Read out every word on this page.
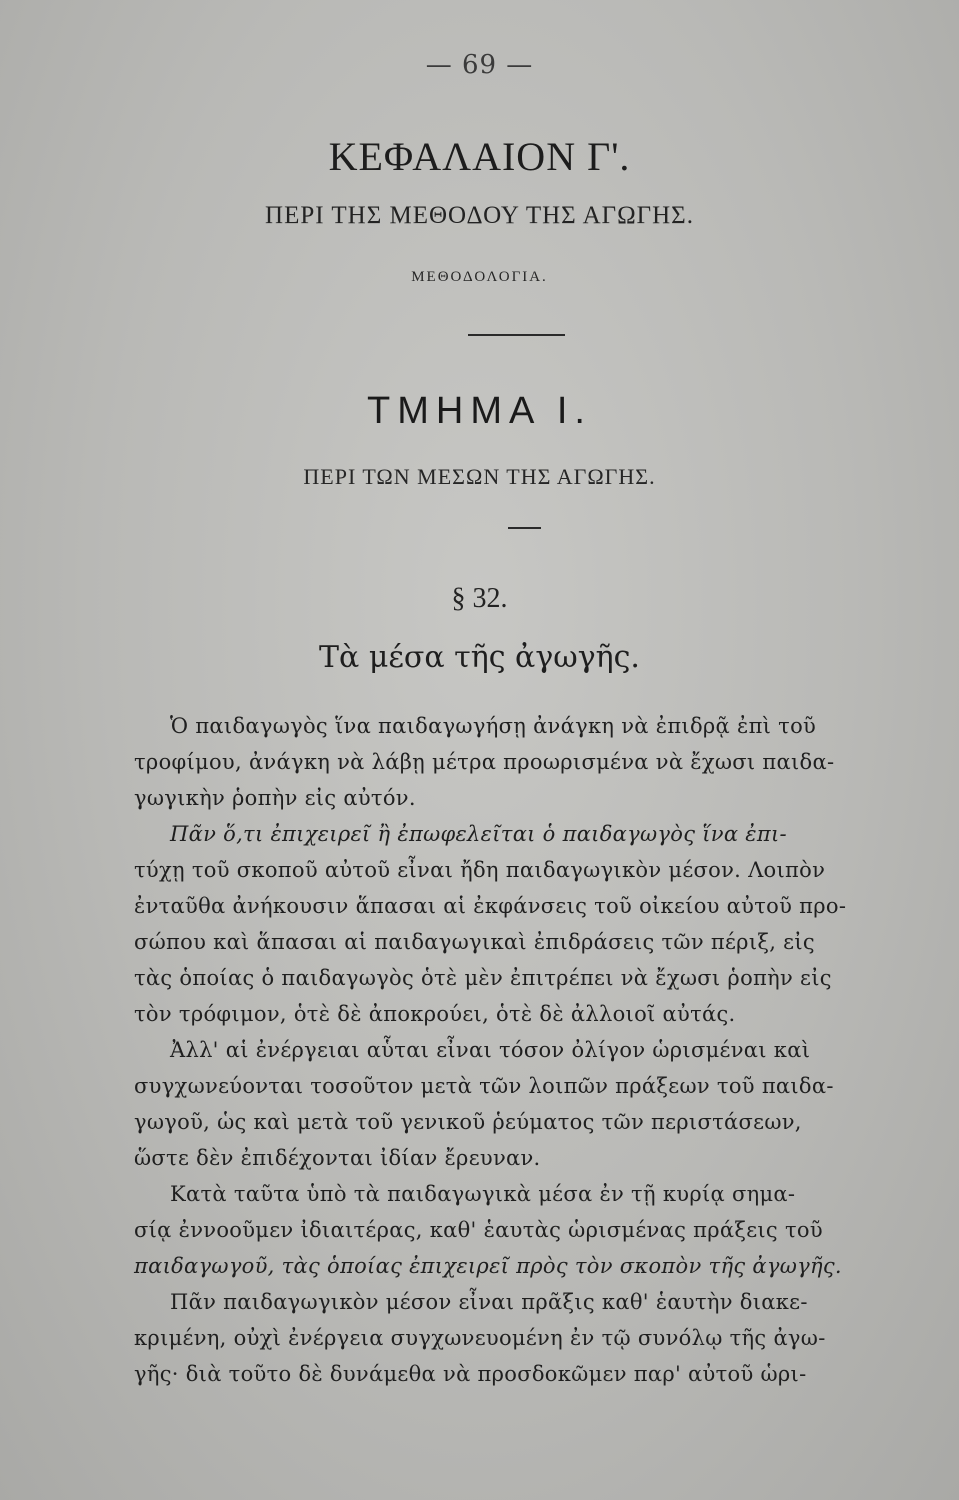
— 69 —
ΚΕΦΑΛΑΙΟΝ Γ'.
ΠΕΡΙ ΤΗΣ ΜΕΘΟΔΟΥ ΤΗΣ ΑΓΩΓΗΣ.
ΜΕΘΟΔΟΛΟΓΙΑ.
ΤΜΗΜΑ Ι.
ΠΕΡΙ ΤΩΝ ΜΕΣΩΝ ΤΗΣ ΑΓΩΓΗΣ.
§ 32.
Τὰ μέσα τῆς ἀγωγῆς.
Ὁ παιδαγωγὸς ἵνα παιδαγωγήσῃ ἀνάγκη νὰ ἐπιδρᾷ ἐπὶ τοῦ
τροφίμου, ἀνάγκη νὰ λάβῃ μέτρα προωρισμένα νὰ ἔχωσι παιδα-
γωγικὴν ῥοπὴν εἰς αὐτόν.
Πᾶν ὅ,τι ἐπιχειρεῖ ἢ ἐπωφελεῖται ὁ παιδαγωγὸς ἵνα ἐπι-
τύχῃ τοῦ σκοποῦ αὐτοῦ εἶναι ἤδη παιδαγωγικὸν μέσον. Λοιπὸν
ἐνταῦθα ἀνήκουσιν ἅπασαι αἱ ἐκφάνσεις τοῦ οἰκείου αὐτοῦ προ-
σώπου καὶ ἅπασαι αἱ παιδαγωγικαὶ ἐπιδράσεις τῶν πέριξ, εἰς
τὰς ὁποίας ὁ παιδαγωγὸς ὁτὲ μὲν ἐπιτρέπει νὰ ἔχωσι ῥοπὴν εἰς
τὸν τρόφιμον, ὁτὲ δὲ ἀποκρούει, ὁτὲ δὲ ἀλλοιοῖ αὐτάς.
Ἀλλ' αἱ ἐνέργειαι αὗται εἶναι τόσον ὀλίγον ὡρισμέναι καὶ
συγχωνεύονται τοσοῦτον μετὰ τῶν λοιπῶν πράξεων τοῦ παιδα-
γωγοῦ, ὡς καὶ μετὰ τοῦ γενικοῦ ῥεύματος τῶν περιστάσεων,
ὥστε δὲν ἐπιδέχονται ἰδίαν ἔρευναν.
Κατὰ ταῦτα ὑπὸ τὰ παιδαγωγικὰ μέσα ἐν τῇ κυρίᾳ σημα-
σίᾳ ἐννοοῦμεν ἰδιαιτέρας, καθ' ἑαυτὰς ὡρισμένας πράξεις τοῦ
παιδαγωγοῦ, τὰς ὁποίας ἐπιχειρεῖ πρὸς τὸν σκοπὸν τῆς ἀγωγῆς.
Πᾶν παιδαγωγικὸν μέσον εἶναι πρᾶξις καθ' ἑαυτὴν διακε-
κριμένη, οὐχὶ ἐνέργεια συγχωνευομένη ἐν τῷ συνόλῳ τῆς ἀγω-
γῆς· διὰ τοῦτο δὲ δυνάμεθα νὰ προσδοκῶμεν παρ' αὐτοῦ ὡρι-
